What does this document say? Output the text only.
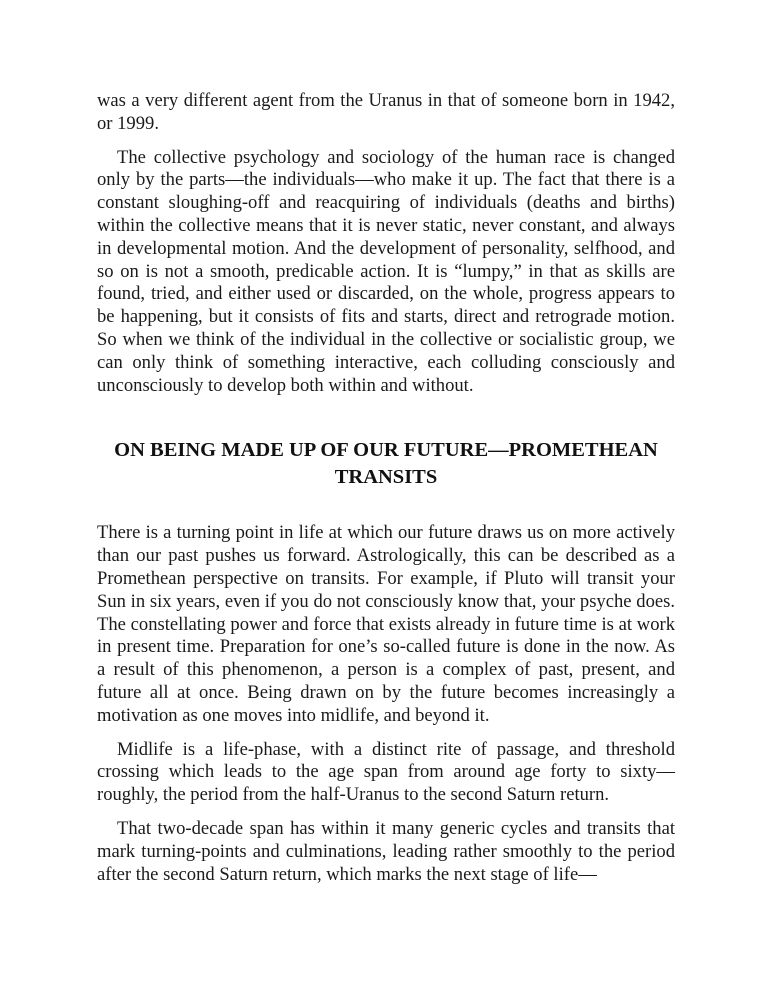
was a very different agent from the Uranus in that of someone born in 1942, or 1999.

The collective psychology and sociology of the human race is changed only by the parts—the individuals—who make it up. The fact that there is a constant sloughing-off and reacquiring of individuals (deaths and births) within the collective means that it is never static, never constant, and always in developmental motion. And the development of personality, selfhood, and so on is not a smooth, predicable action. It is “lumpy,” in that as skills are found, tried, and either used or discarded, on the whole, progress appears to be happening, but it consists of fits and starts, direct and retrograde motion. So when we think of the individual in the collective or socialistic group, we can only think of something interactive, each colluding consciously and unconsciously to develop both within and without.

ON BEING MADE UP OF OUR FUTURE—PROMETHEAN TRANSITS

There is a turning point in life at which our future draws us on more actively than our past pushes us forward. Astrologically, this can be described as a Promethean perspective on transits. For example, if Pluto will transit your Sun in six years, even if you do not consciously know that, your psyche does. The constellating power and force that exists already in future time is at work in present time. Preparation for one’s so-called future is done in the now. As a result of this phenomenon, a person is a complex of past, present, and future all at once. Being drawn on by the future becomes increasingly a motivation as one moves into midlife, and beyond it.

Midlife is a life-phase, with a distinct rite of passage, and threshold crossing which leads to the age span from around age forty to sixty—roughly, the period from the half-Uranus to the second Saturn return.

That two-decade span has within it many generic cycles and transits that mark turning-points and culminations, leading rather smoothly to the period after the second Saturn return, which marks the next stage of life—
